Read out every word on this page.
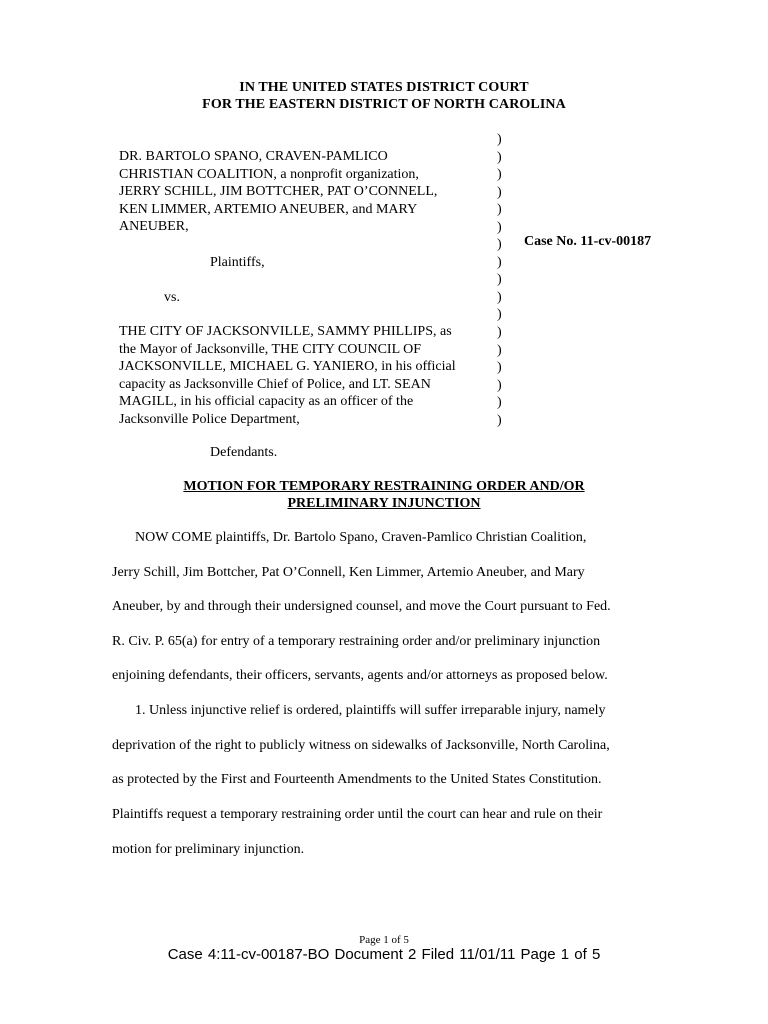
IN THE UNITED STATES DISTRICT COURT
FOR THE EASTERN DISTRICT OF NORTH CAROLINA
DR. BARTOLO SPANO, CRAVEN-PAMLICO
CHRISTIAN COALITION, a nonprofit organization,
JERRY SCHILL, JIM BOTTCHER, PAT O’CONNELL,
KEN LIMMER, ARTEMIO ANEUBER, and MARY
ANEUBER,
Plaintiffs,
vs.
THE CITY OF JACKSONVILLE, SAMMY PHILLIPS, as
the Mayor of Jacksonville, THE CITY COUNCIL OF
JACKSONVILLE, MICHAEL G. YANIERO, in his official
capacity as Jacksonville Chief of Police, and LT. SEAN
MAGILL, in his official capacity as an officer of the
Jacksonville Police Department,
Defendants.
)
)
)
)
)
)
)
)
)
)
)
)
)
)
)
)
)
Case No. 11-cv-00187
MOTION FOR TEMPORARY RESTRAINING ORDER AND/OR
PRELIMINARY INJUNCTION
NOW COME plaintiffs, Dr. Bartolo Spano, Craven-Pamlico Christian Coalition,
Jerry Schill, Jim Bottcher, Pat O’Connell, Ken Limmer, Artemio Aneuber, and Mary
Aneuber, by and through their undersigned counsel, and move the Court pursuant to Fed.
R. Civ. P. 65(a) for entry of a temporary restraining order and/or preliminary injunction
enjoining defendants, their officers, servants, agents and/or attorneys as proposed below.
1. Unless injunctive relief is ordered, plaintiffs will suffer irreparable injury, namely
deprivation of the right to publicly witness on sidewalks of Jacksonville, North Carolina,
as protected by the First and Fourteenth Amendments to the United States Constitution.
Plaintiffs request a temporary restraining order until the court can hear and rule on their
motion for preliminary injunction.
Page 1 of 5
Case 4:11-cv-00187-BO Document 2 Filed 11/01/11 Page 1 of 5
